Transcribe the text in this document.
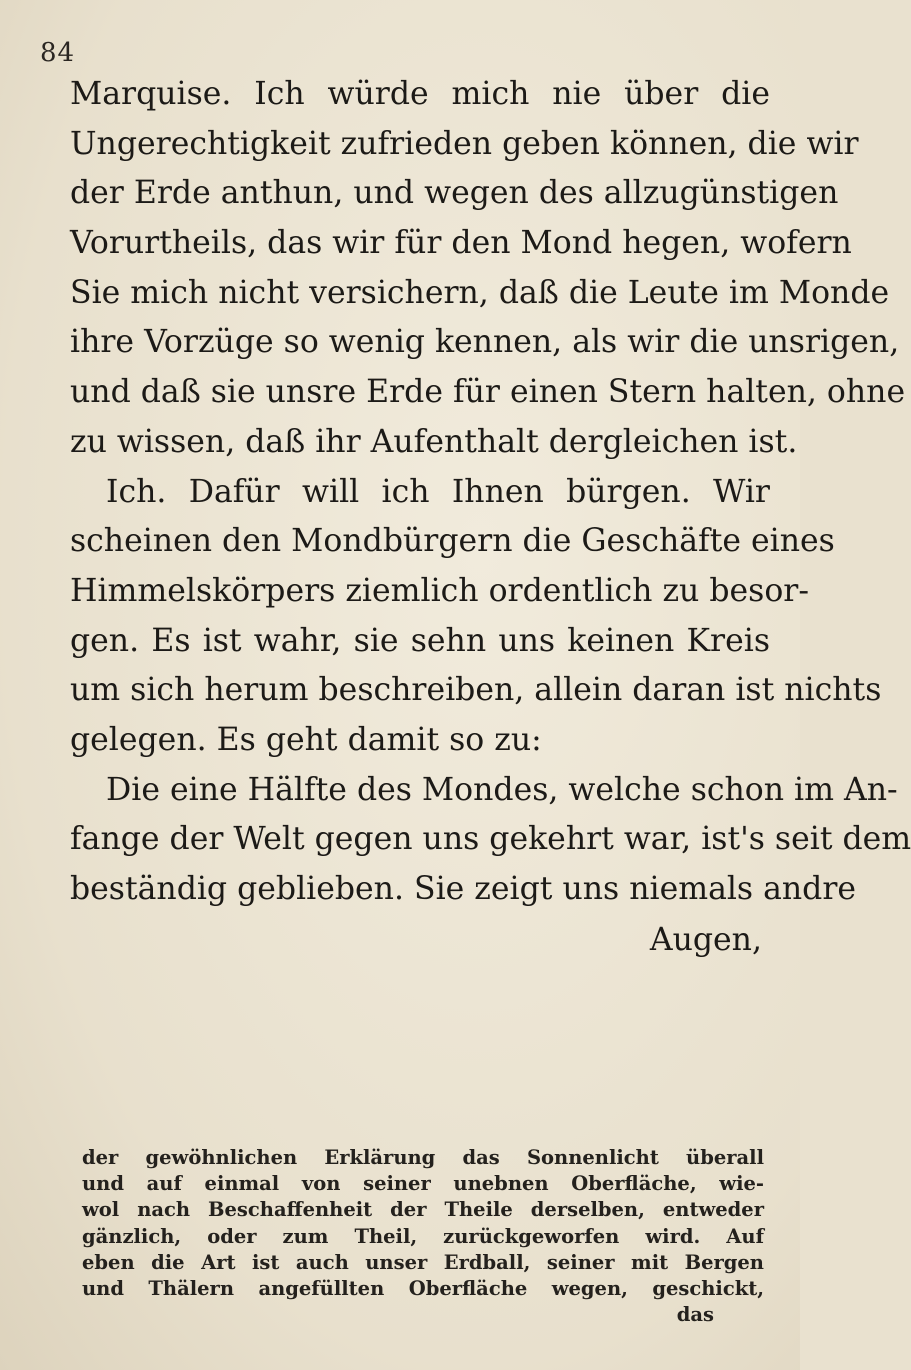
84
Marquise. Ich würde mich nie über die
Ungerechtigkeit zufrieden geben können, die wir
der Erde anthun, und wegen des allzugünstigen
Vorurtheils, das wir für den Mond hegen, wofern
Sie mich nicht versichern, daß die Leute im Monde
ihre Vorzüge so wenig kennen, als wir die unsrigen,
und daß sie unsre Erde für einen Stern halten, ohne
zu wissen, daß ihr Aufenthalt dergleichen ist.
Ich. Dafür will ich Ihnen bürgen. Wir
scheinen den Mondbürgern die Geschäfte eines
Himmelskörpers ziemlich ordentlich zu besor-
gen. Es ist wahr, sie sehn uns keinen Kreis
um sich herum beschreiben, allein daran ist nichts
gelegen. Es geht damit so zu:
Die eine Hälfte des Mondes, welche schon im An-
fange der Welt gegen uns gekehrt war, ist's seit dem
beständig geblieben. Sie zeigt uns niemals andre
Augen,
der gewöhnlichen Erklärung das Sonnenlicht überall
und auf einmal von seiner unebnen Oberfläche, wie-
wol nach Beschaffenheit der Theile derselben, entweder
gänzlich, oder zum Theil, zurückgeworfen wird. Auf
eben die Art ist auch unser Erdball, seiner mit Bergen
und Thälern angefüllten Oberfläche wegen, geschickt,
das
